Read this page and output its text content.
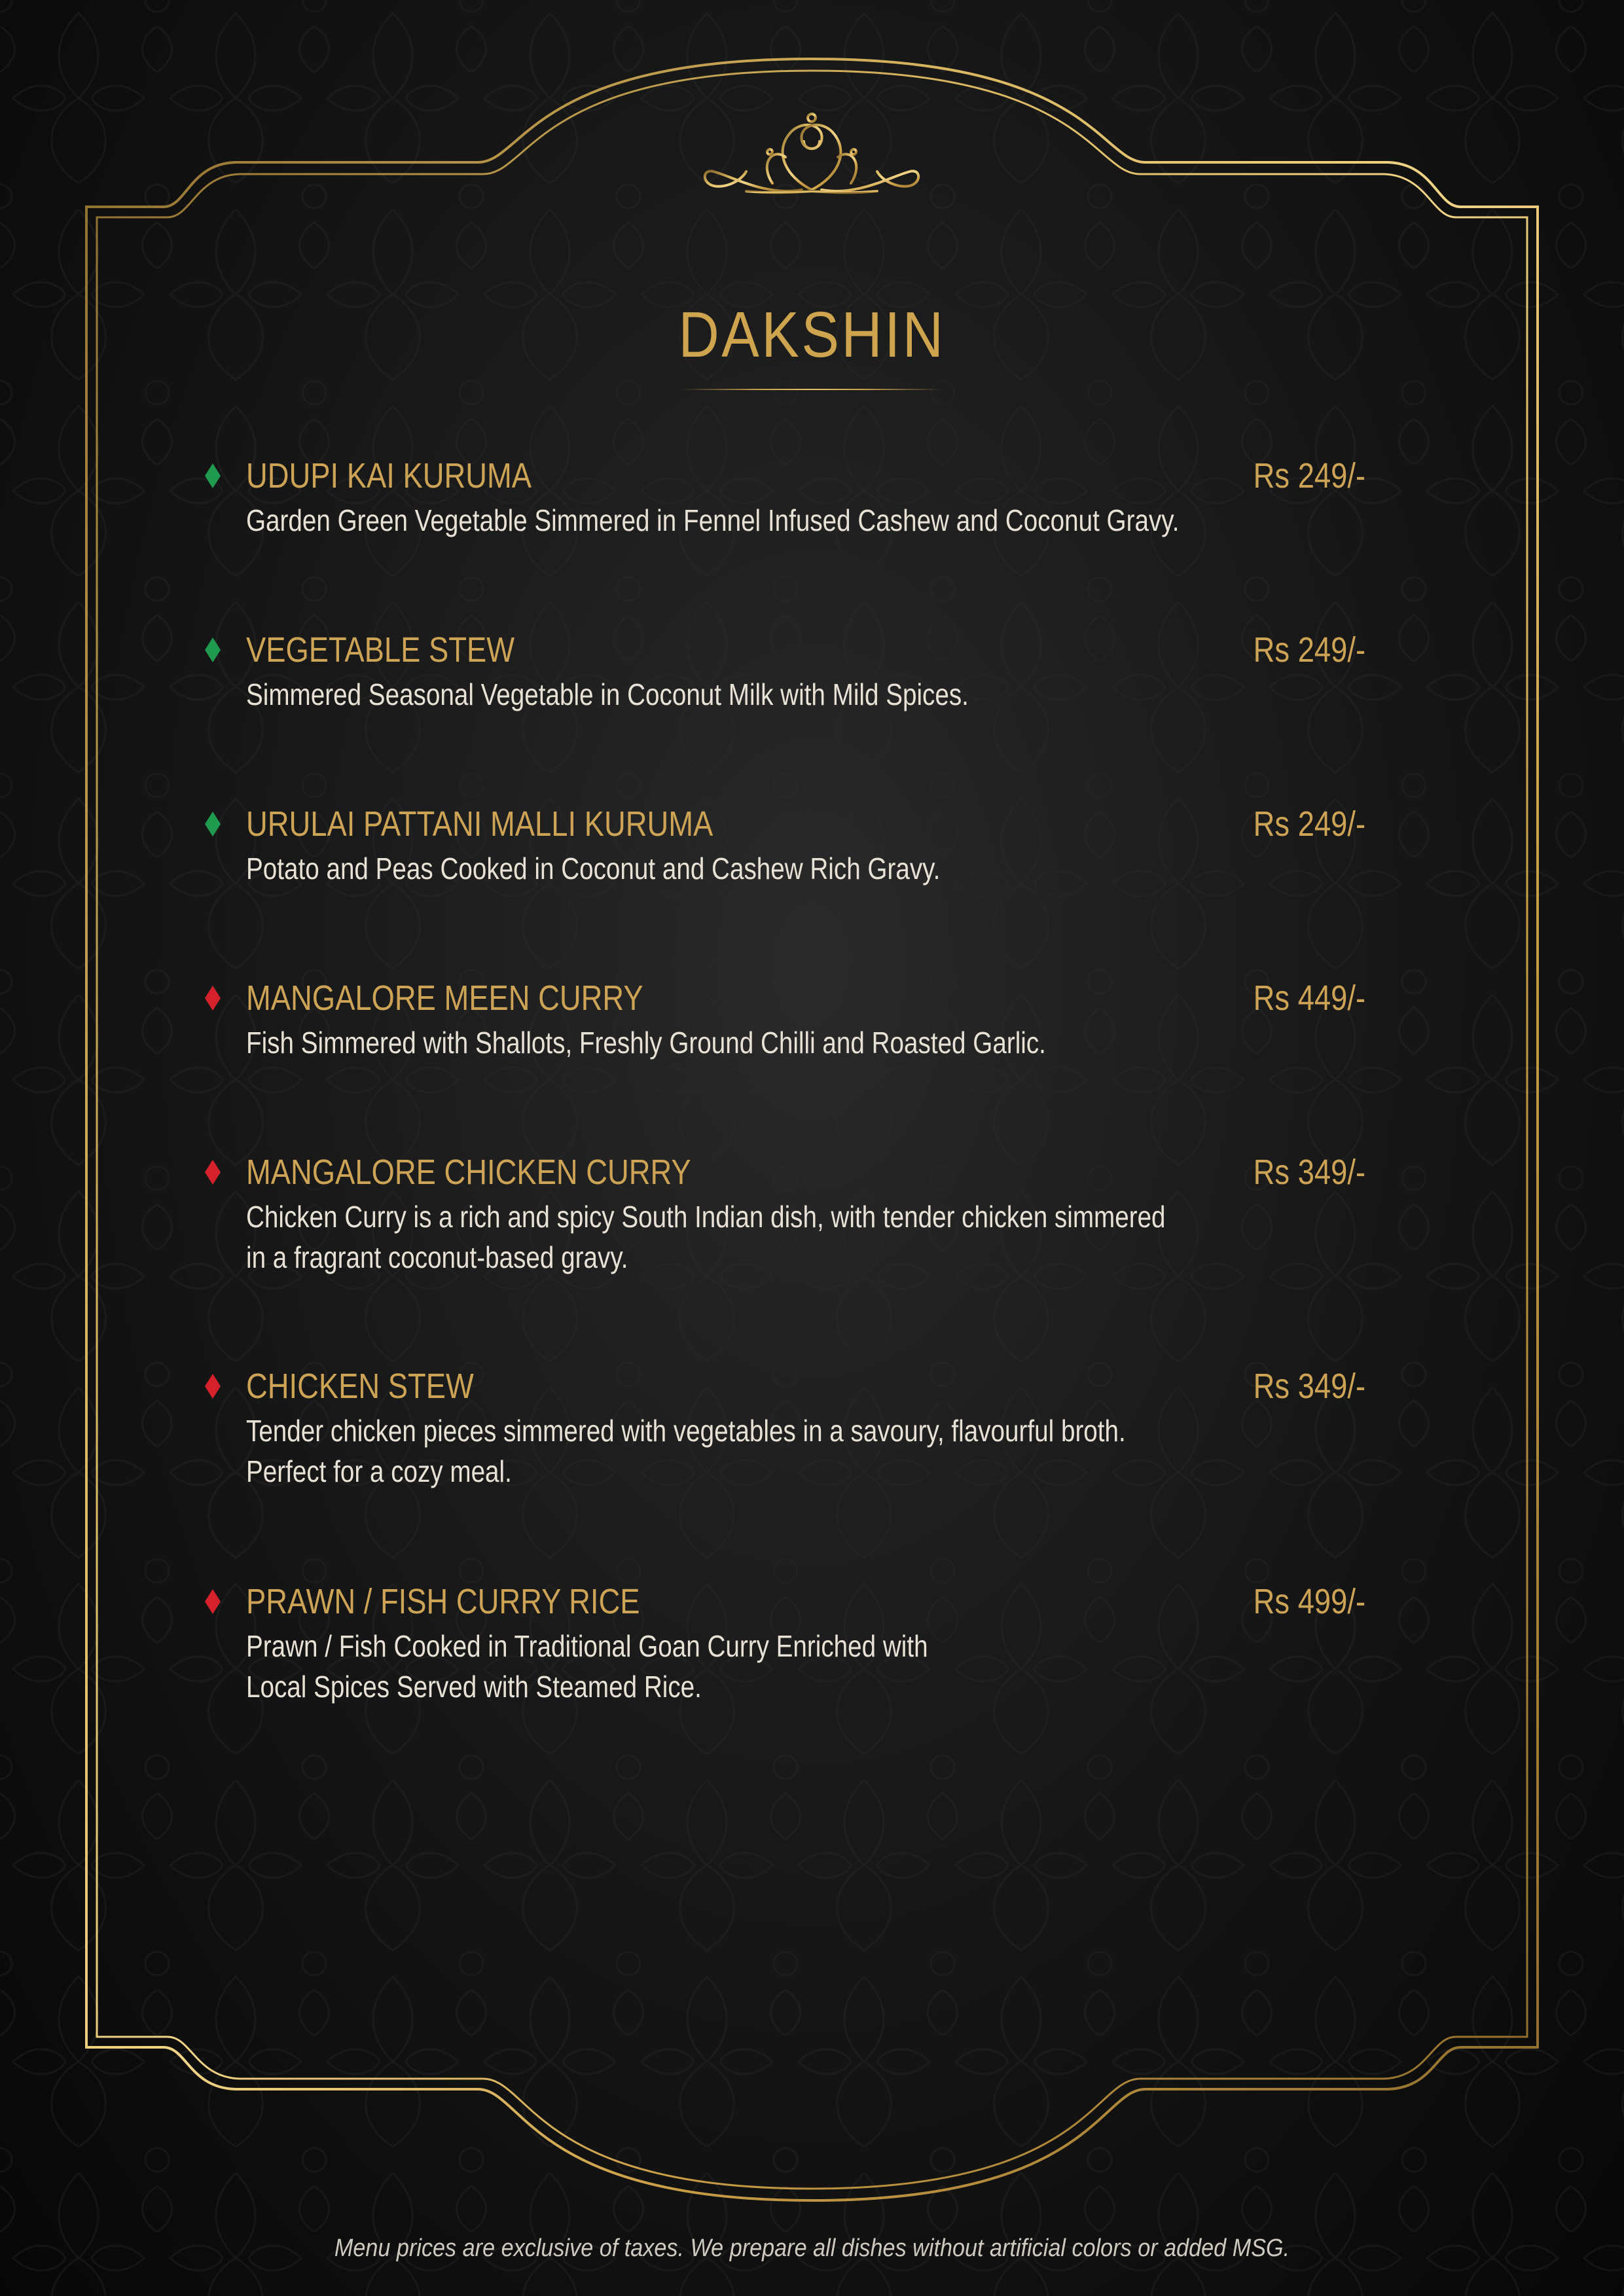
DAKSHIN
UDUPI KAI KURUMA	Rs 249/-
Garden Green Vegetable Simmered in Fennel Infused Cashew and Coconut Gravy.
VEGETABLE STEW	Rs 249/-
Simmered Seasonal Vegetable in Coconut Milk with Mild Spices.
URULAI PATTANI MALLI KURUMA	Rs 249/-
Potato and Peas Cooked in Coconut and Cashew Rich Gravy.
MANGALORE MEEN CURRY	Rs 449/-
Fish Simmered with Shallots, Freshly Ground Chilli and Roasted Garlic.
MANGALORE CHICKEN CURRY	Rs 349/-
Chicken Curry is a rich and spicy South Indian dish, with tender chicken simmered
in a fragrant coconut-based gravy.
CHICKEN STEW	Rs 349/-
Tender chicken pieces simmered with vegetables in a savoury, flavourful broth.
Perfect for a cozy meal.
PRAWN / FISH CURRY RICE	Rs 499/-
Prawn / Fish Cooked in Traditional Goan Curry Enriched with
Local Spices Served with Steamed Rice.
Menu prices are exclusive of taxes. We prepare all dishes without artificial colors or added MSG.
